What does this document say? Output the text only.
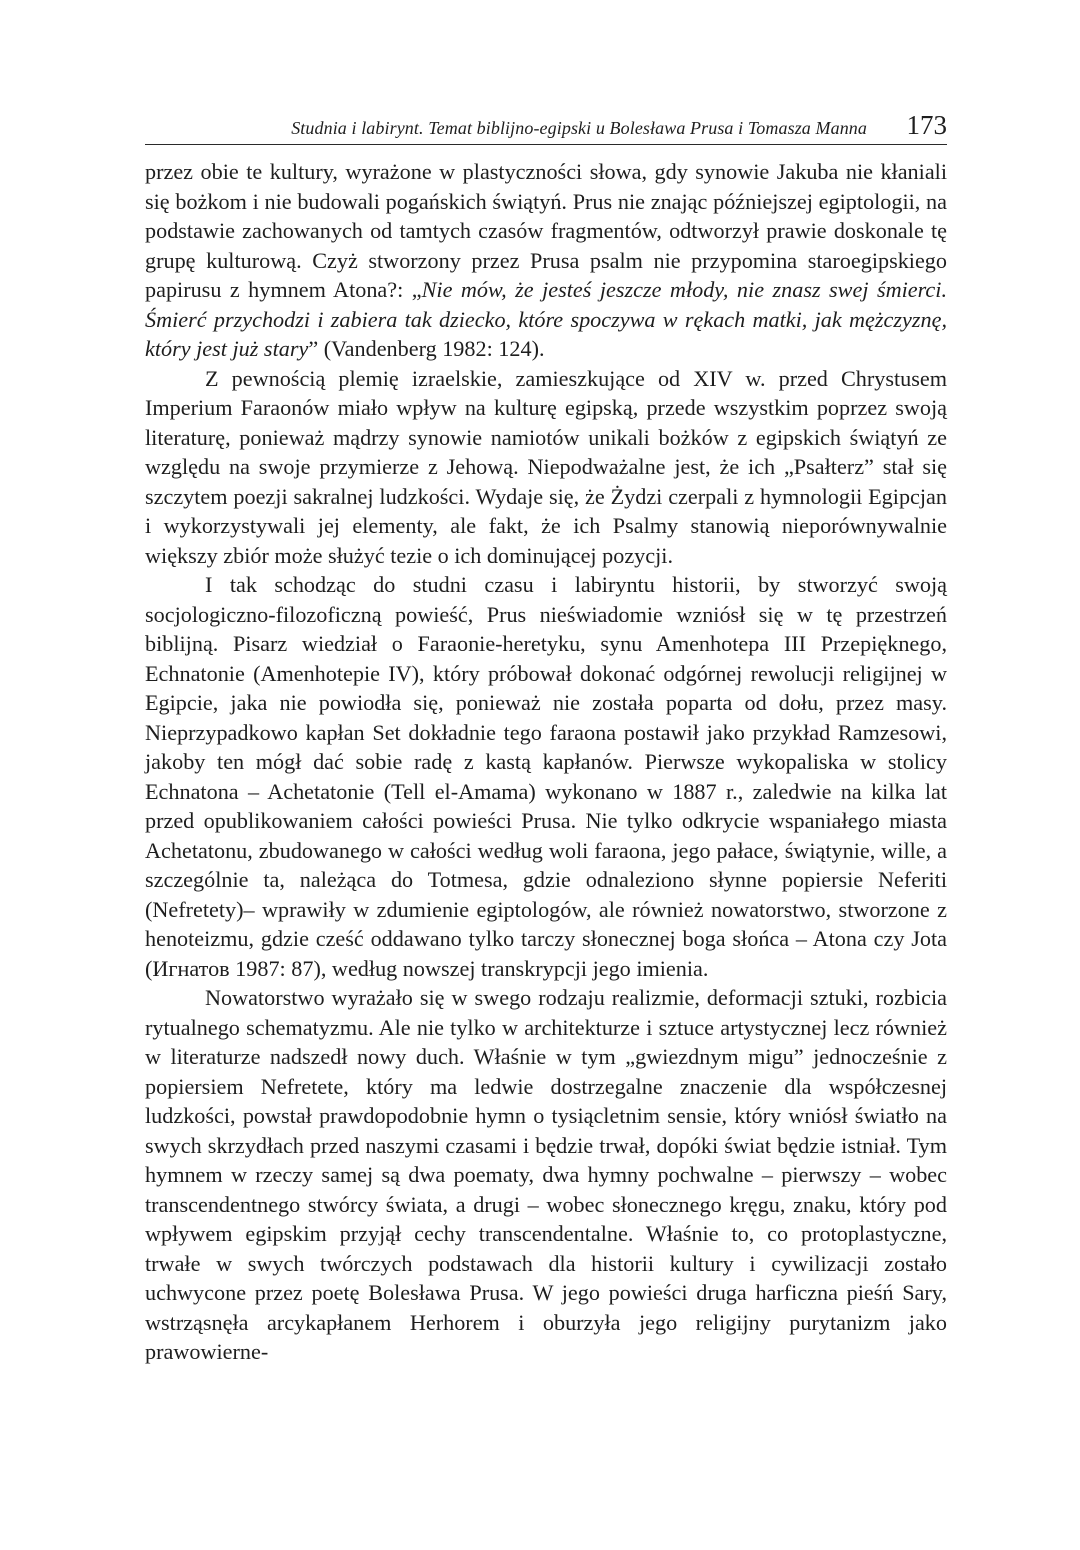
Studnia i labirynt. Temat biblijno-egipski u Bolesława Prusa i Tomasza Manna 173

przez obie te kultury, wyrażone w plastyczności słowa, gdy synowie Jakuba nie kłaniali się bożkom i nie budowali pogańskich świątyń. Prus nie znając późniejszej egiptologii, na podstawie zachowanych od tamtych czasów fragmentów, odtworzył prawie doskonale tę grupę kulturową. Czyż stworzony przez Prusa psalm nie przypomina staroegipskiego papirusu z hymnem Atona?: „Nie mów, że jesteś jeszcze młody, nie znasz swej śmierci. Śmierć przychodzi i zabiera tak dziecko, które spoczywa w rękach matki, jak mężczyznę, który jest już stary” (Vandenberg 1982: 124).

Z pewnością plemię izraelskie, zamieszkujące od XIV w. przed Chrystusem Imperium Faraonów miało wpływ na kulturę egipską, przede wszystkim poprzez swoją literaturę, ponieważ mądrzy synowie namiotów unikali bożków z egipskich świątyń ze względu na swoje przymierze z Jehową. Niepodważalne jest, że ich „Psałterz” stał się szczytem poezji sakralnej ludzkości. Wydaje się, że Żydzi czerpali z hymnologii Egipcjan i wykorzystywali jej elementy, ale fakt, że ich Psalmy stanowią nieporównywalnie większy zbiór może służyć tezie o ich dominującej pozycji.

I tak schodząc do studni czasu i labiryntu historii, by stworzyć swoją socjologiczno-filozoficzną powieść, Prus nieświadomie wzniósł się w tę przestrzeń biblijną. Pisarz wiedział o Faraonie-heretyku, synu Amenhotepa III Przepięknego, Echnatonie (Amenhotepie IV), który próbował dokonać odgórnej rewolucji religijnej w Egipcie, jaka nie powiodła się, ponieważ nie została poparta od dołu, przez masy. Nieprzypadkowo kapłan Set dokładnie tego faraona postawił jako przykład Ramzesowi, jakoby ten mógł dać sobie radę z kastą kapłanów. Pierwsze wykopaliska w stolicy Echnatona – Achetatonie (Tell el-Amama) wykonano w 1887 r., zaledwie na kilka lat przed opublikowaniem całości powieści Prusa. Nie tylko odkrycie wspaniałego miasta Achetatonu, zbudowanego w całości według woli faraona, jego pałace, świątynie, wille, a szczególnie ta, należąca do Totmesa, gdzie odnaleziono słynne popiersie Neferiti (Nefretety)– wprawiły w zdumienie egiptologów, ale również nowatorstwo, stworzone z henoteizmu, gdzie cześć oddawano tylko tarczy słonecznej boga słońca – Atona czy Jota (Игнатов 1987: 87), według nowszej transkrypcji jego imienia.

Nowatorstwo wyrażało się w swego rodzaju realizmie, deformacji sztuki, rozbicia rytualnego schematyzmu. Ale nie tylko w architekturze i sztuce artystycznej lecz również w literaturze nadszedł nowy duch. Właśnie w tym „gwiezdnym migu” jednocześnie z popiersiem Nefretete, który ma ledwie dostrzegalne znaczenie dla współczesnej ludzkości, powstał prawdopodobnie hymn o tysiącletnim sensie, który wniósł światło na swych skrzydłach przed naszymi czasami i będzie trwał, dopóki świat będzie istniał. Tym hymnem w rzeczy samej są dwa poematy, dwa hymny pochwalne – pierwszy – wobec transcendentnego stwórcy świata, a drugi – wobec słonecznego kręgu, znaku, który pod wpływem egipskim przyjął cechy transcendentalne. Właśnie to, co protoplastyczne, trwałe w swych twórczych podstawach dla historii kultury i cywilizacji zostało uchwycone przez poetę Bolesława Prusa. W jego powieści druga harficzna pieśń Sary, wstrząsnęła arcykapłanem Herhorem i oburzyła jego religijny purytanizm jako prawowierne-
